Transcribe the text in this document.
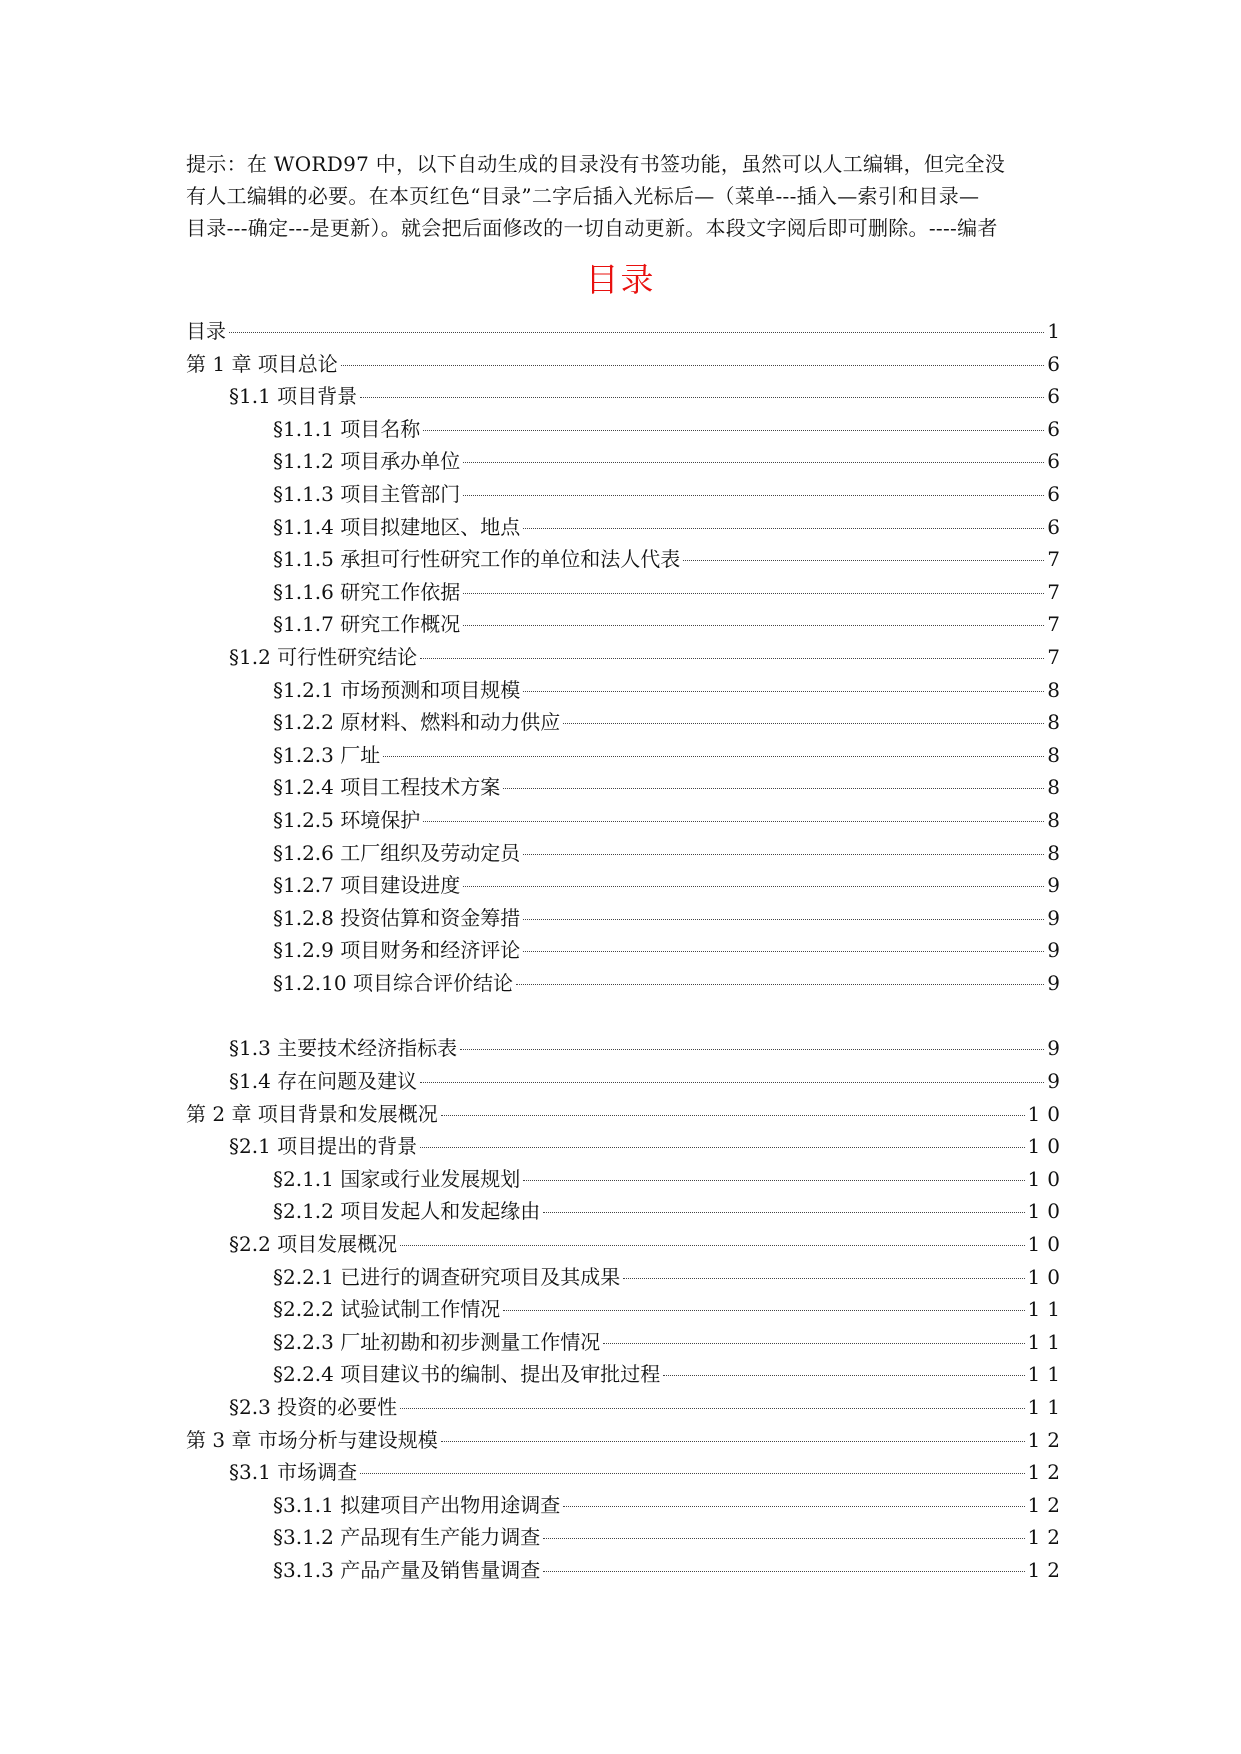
提示：在 WORD97 中，以下自动生成的目录没有书签功能，虽然可以人工编辑，但完全没

有人工编辑的必要。在本页红色“目录”二字后插入光标后—（菜单---插入—索引和目录—

目录---确定---是更新）。就会把后面修改的一切自动更新。本段文字阅后即可删除。----编者

目录
目录	1
第 1 章 项目总论	6
§1.1 项目背景	6
§1.1.1 项目名称	6
§1.1.2 项目承办单位	6
§1.1.3 项目主管部门	6
§1.1.4 项目拟建地区、地点	6
§1.1.5 承担可行性研究工作的单位和法人代表	7
§1.1.6 研究工作依据	7
§1.1.7 研究工作概况	7
§1.2 可行性研究结论	7
§1.2.1 市场预测和项目规模	8
§1.2.2 原材料、燃料和动力供应	8
§1.2.3 厂址	8
§1.2.4 项目工程技术方案	8
§1.2.5 环境保护	8
§1.2.6 工厂组织及劳动定员	8
§1.2.7 项目建设进度	9
§1.2.8 投资估算和资金筹措	9
§1.2.9 项目财务和经济评论	9
§1.2.10 项目综合评价结论	9
§1.3 主要技术经济指标表	9
§1.4 存在问题及建议	9
第 2 章 项目背景和发展概况	10
§2.1 项目提出的背景	10
§2.1.1 国家或行业发展规划	10
§2.1.2 项目发起人和发起缘由	10
§2.2 项目发展概况	10
§2.2.1 已进行的调查研究项目及其成果	10
§2.2.2 试验试制工作情况	11
§2.2.3 厂址初勘和初步测量工作情况	11
§2.2.4 项目建议书的编制、提出及审批过程	11
§2.3 投资的必要性	11
第 3 章 市场分析与建设规模	12
§3.1 市场调查	12
§3.1.1 拟建项目产出物用途调查	12
§3.1.2 产品现有生产能力调查	12
§3.1.3 产品产量及销售量调查	12
